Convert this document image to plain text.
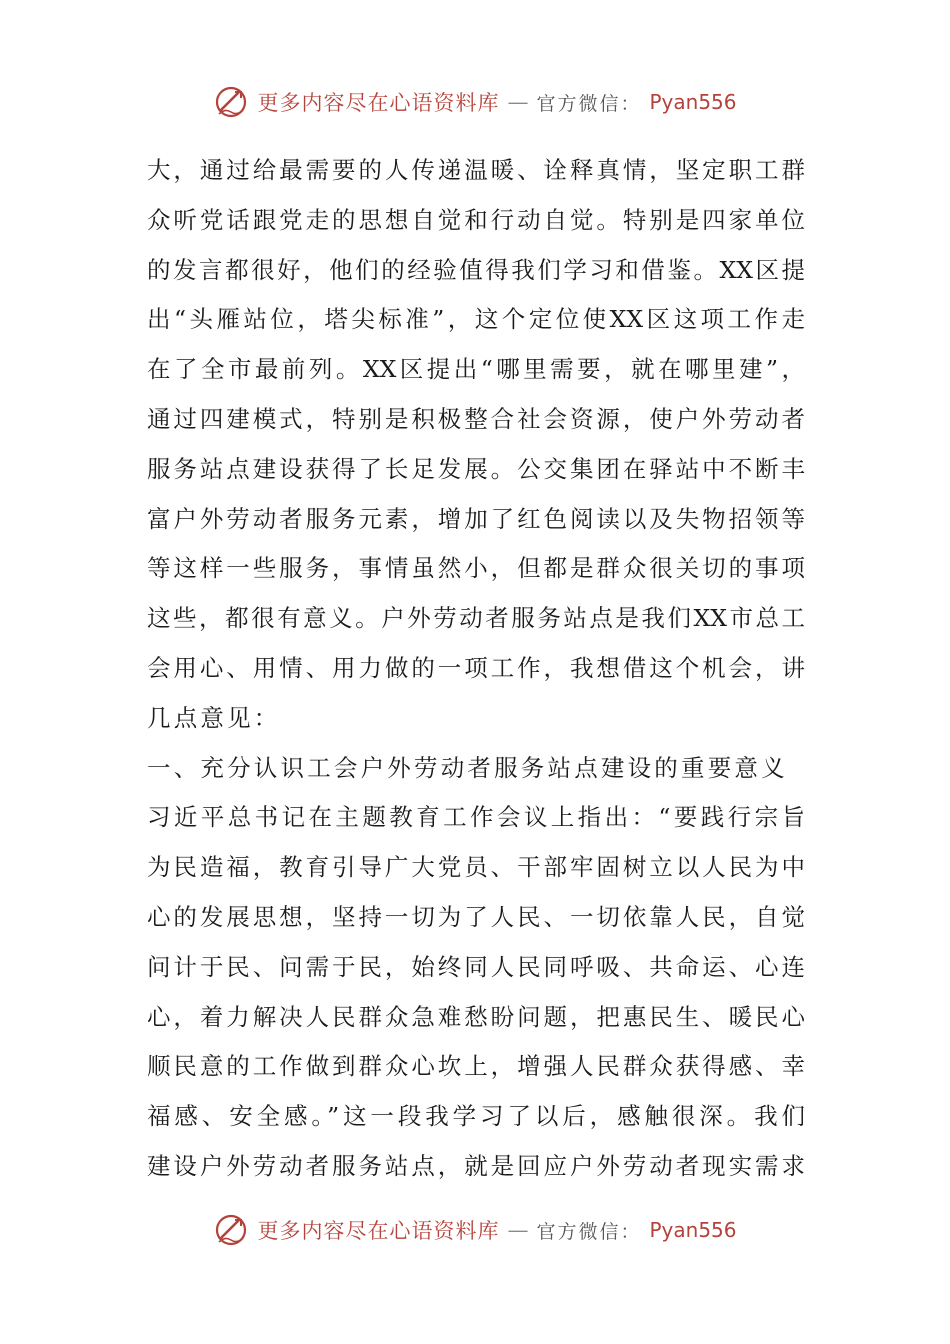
更多内容尽在心语资料库 — 官方微信： Pyan556
大，通过给最需要的人传递温暖、诠释真情，坚定职工群
众听党话跟党走的思想自觉和行动自觉。特别是四家单位
的发言都很好，他们的经验值得我们学习和借鉴。XX区提
出“头雁站位，塔尖标准”，这个定位使XX区这项工作走
在了全市最前列。XX区提出“哪里需要，就在哪里建”，
通过四建模式，特别是积极整合社会资源，使户外劳动者
服务站点建设获得了长足发展。公交集团在驿站中不断丰
富户外劳动者服务元素，增加了红色阅读以及失物招领等
等这样一些服务，事情虽然小，但都是群众很关切的事项
这些，都很有意义。户外劳动者服务站点是我们XX市总工
会用心、用情、用力做的一项工作，我想借这个机会，讲
几点意见：
一、充分认识工会户外劳动者服务站点建设的重要意义
习近平总书记在主题教育工作会议上指出：“要践行宗旨
为民造福，教育引导广大党员、干部牢固树立以人民为中
心的发展思想，坚持一切为了人民、一切依靠人民，自觉
问计于民、问需于民，始终同人民同呼吸、共命运、心连
心，着力解决人民群众急难愁盼问题，把惠民生、暖民心
顺民意的工作做到群众心坎上，增强人民群众获得感、幸
福感、安全感。”这一段我学习了以后，感触很深。我们
建设户外劳动者服务站点，就是回应户外劳动者现实需求
更多内容尽在心语资料库 — 官方微信： Pyan556
